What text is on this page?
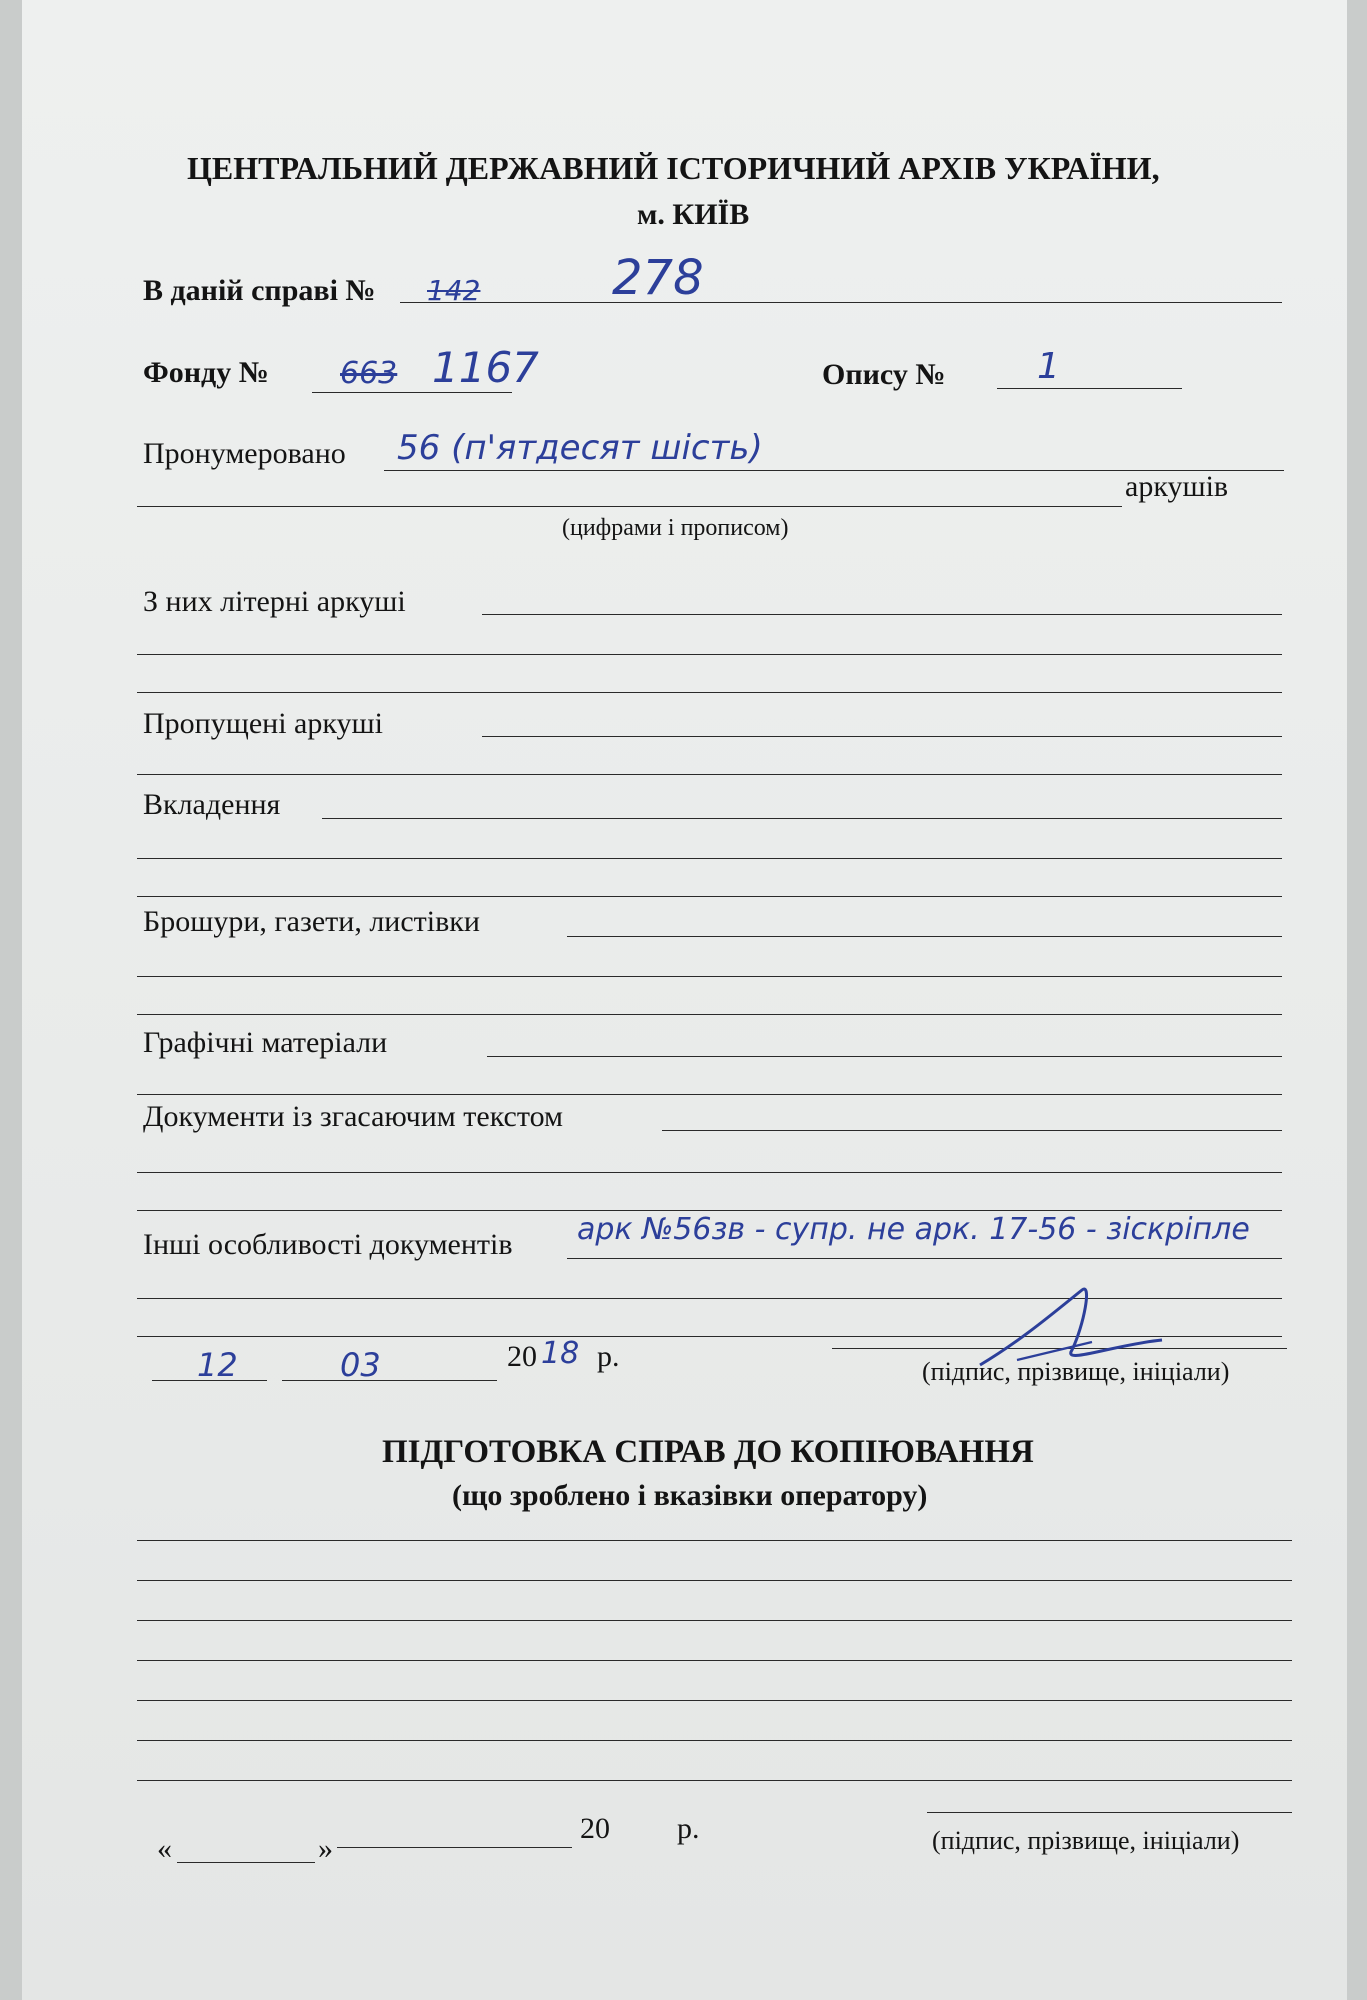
ЦЕНТРАЛЬНИЙ ДЕРЖАВНИЙ ІСТОРИЧНИЙ АРХІВ УКРАЇНИ,
м. КИЇВ
В даній справі № 142	278
Фонду № 663 1167	Опису №	1
Пронумеровано 56 (п'ятдесят шість)
аркушів
(цифрами і прописом)
З них літерні аркуші
Пропущені аркуші
Вкладення
Брошури, газети, листівки
Графічні матеріали
Документи із згасаючим текстом
Інші особливості документів арк №56зв - супр. не арк. 17-56 - зіскріпле
12	03	20 18 р.	(підпис, прізвище, ініціали)
ПІДГОТОВКА СПРАВ ДО КОПІЮВАННЯ
(що зроблено і вказівки оператору)
«	»
20 р.	(підпис, прізвище, ініціали)
